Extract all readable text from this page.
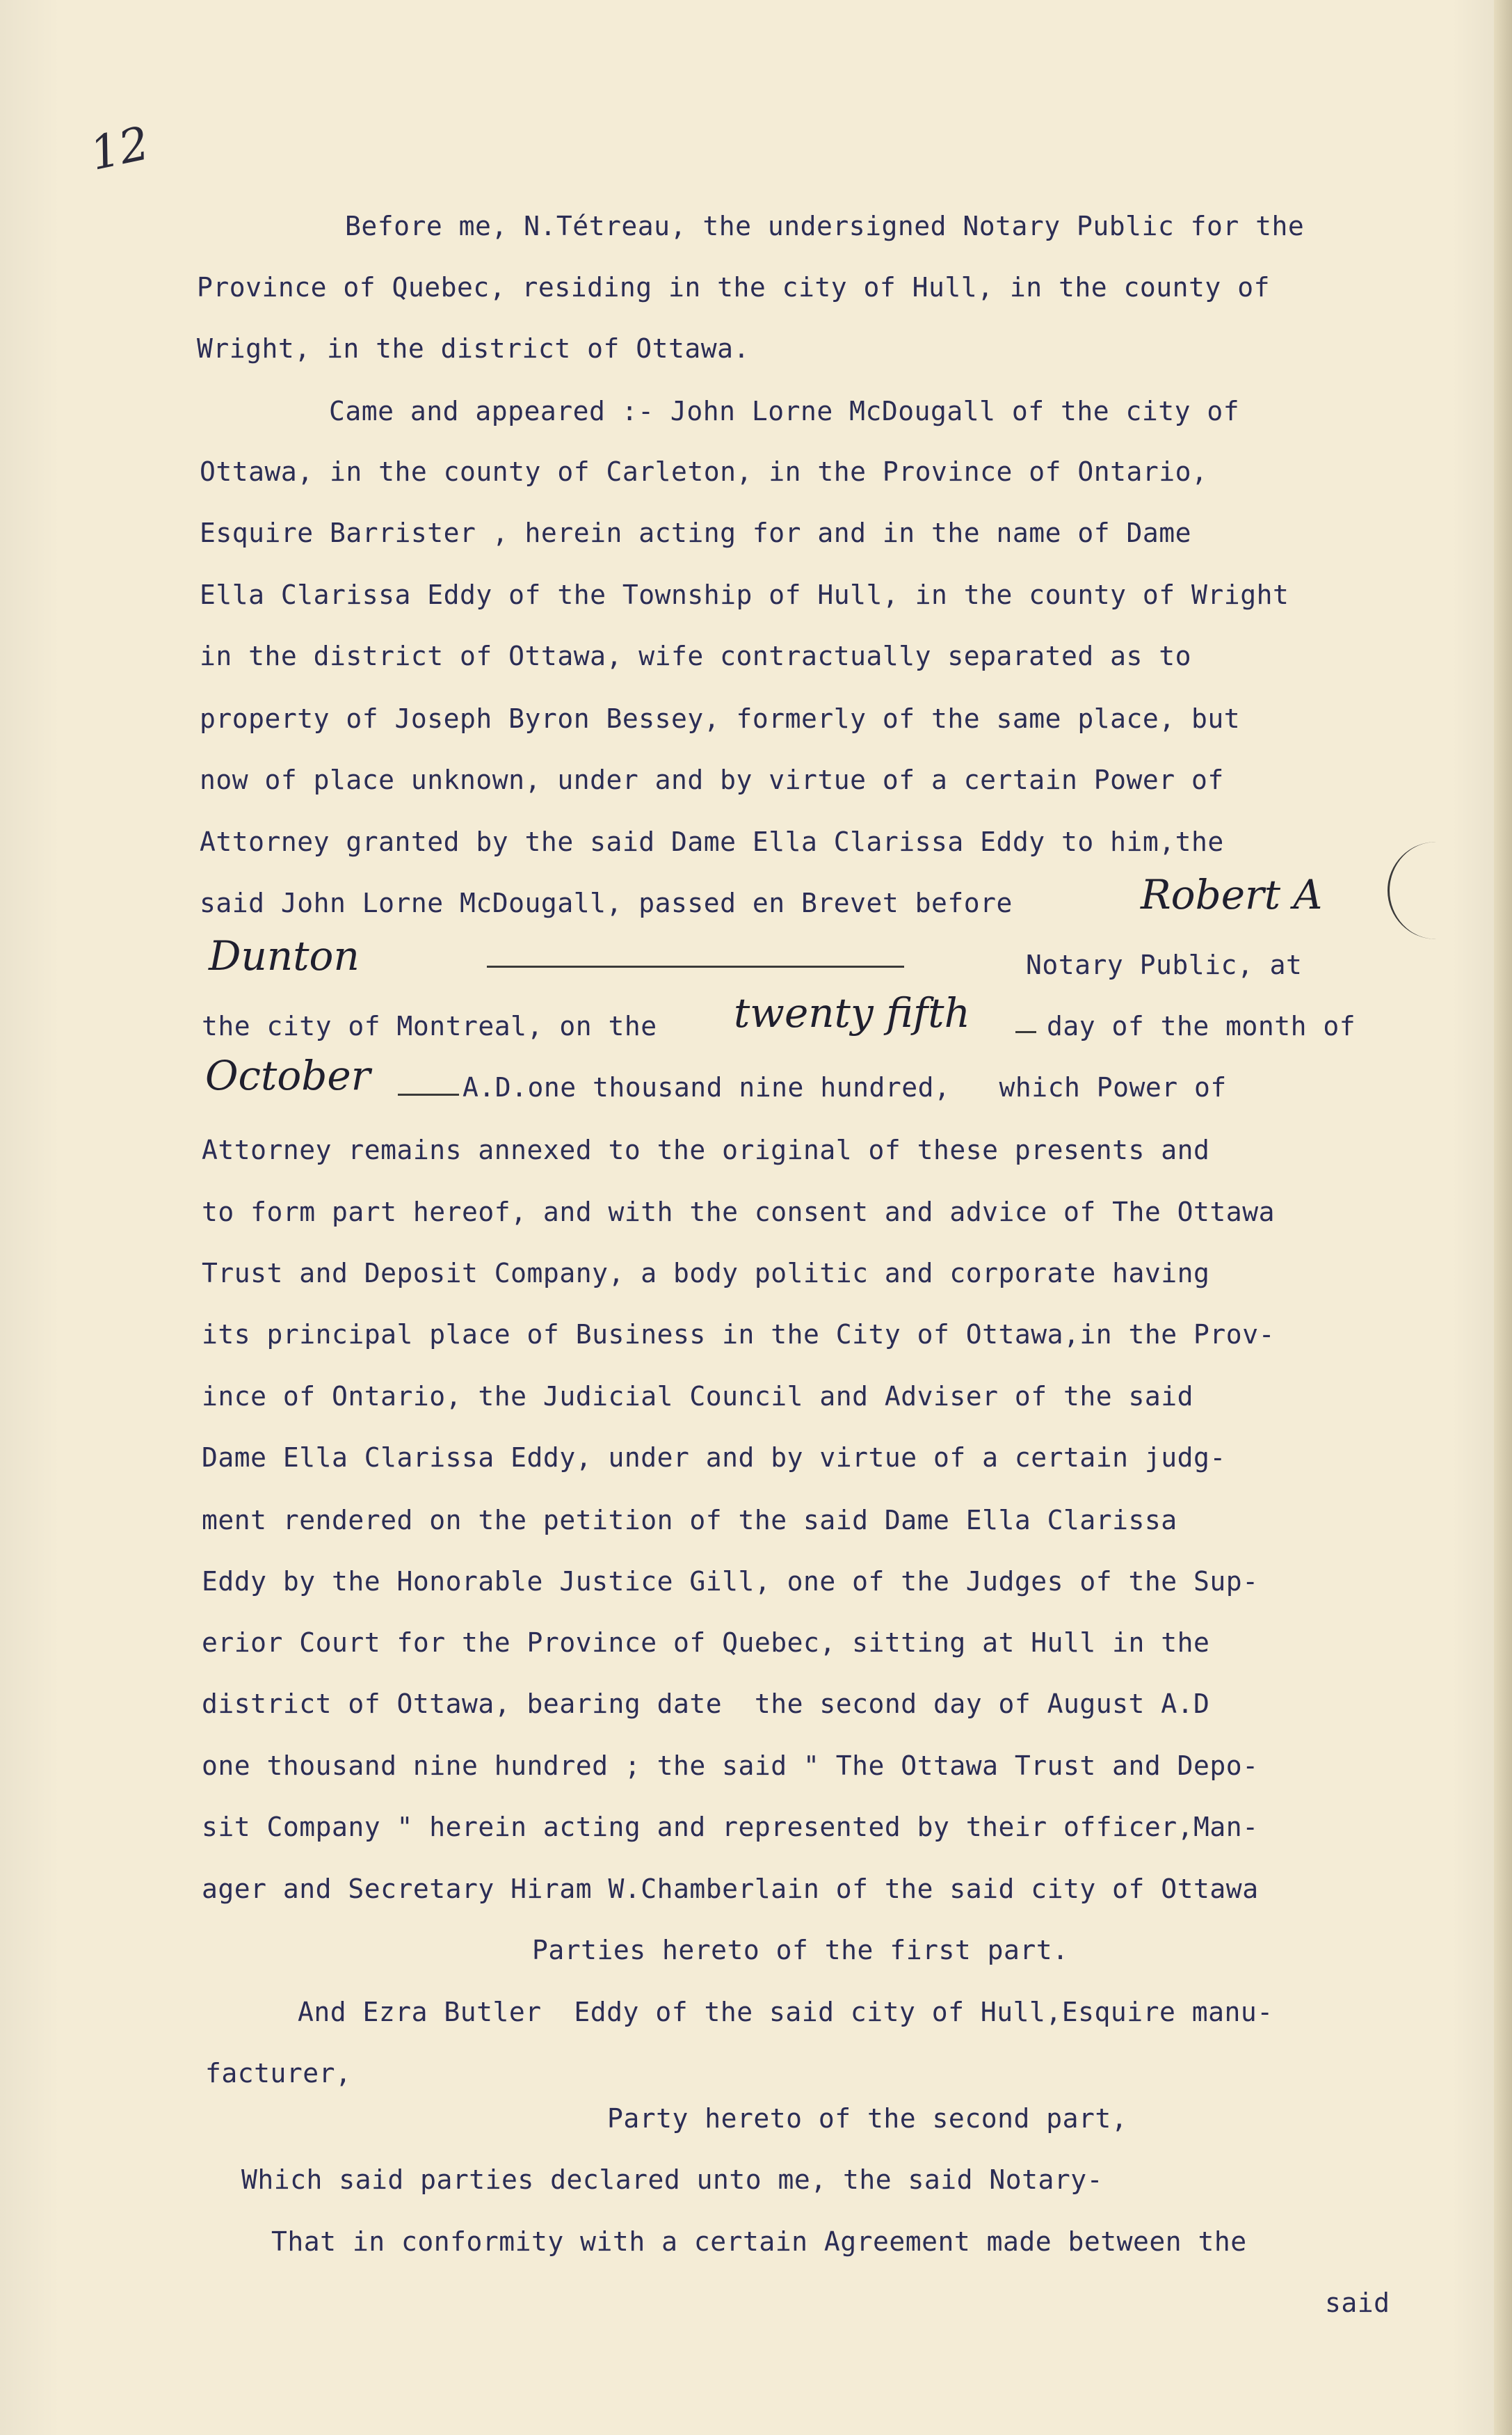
12
Before me, N.Tétreau, the undersigned Notary Public for the
Province of Quebec, residing in the city of Hull, in the county of
Wright, in the district of Ottawa.
Came and appeared :- John Lorne McDougall of the city of
Ottawa, in the county of Carleton, in the Province of Ontario,
Esquire Barrister , herein acting for and in the name of Dame
Ella Clarissa Eddy of the Township of Hull, in the county of Wright
in the district of Ottawa, wife contractually separated as to
property of Joseph Byron Bessey, formerly of the same place, but
now of place unknown, under and by virtue of a certain Power of
Attorney granted by the said Dame Ella Clarissa Eddy to him,the
said John Lorne McDougall, passed en Brevet before	Robert A
Dunton	Notary Public, at
the city of Montreal, on the twenty fifth	day of the month of
October	A.D.one thousand nine hundred,   which Power of
Attorney remains annexed to the original of these presents and
to form part hereof, and with the consent and advice of The Ottawa
Trust and Deposit Company, a body politic and corporate having
its principal place of Business in the City of Ottawa,in the Prov-
ince of Ontario, the Judicial Council and Adviser of the said
Dame Ella Clarissa Eddy, under and by virtue of a certain judg-
ment rendered on the petition of the said Dame Ella Clarissa
Eddy by the Honorable Justice Gill, one of the Judges of the Sup-
erior Court for the Province of Quebec, sitting at Hull in the
district of Ottawa, bearing date  the second day of August A.D
one thousand nine hundred ; the said " The Ottawa Trust and Depo-
sit Company " herein acting and represented by their officer,Man-
ager and Secretary Hiram W.Chamberlain of the said city of Ottawa
Parties hereto of the first part.
And Ezra Butler  Eddy of the said city of Hull,Esquire manu-
facturer,
Party hereto of the second part,
Which said parties declared unto me, the said Notary-
That in conformity with a certain Agreement made between the
said
